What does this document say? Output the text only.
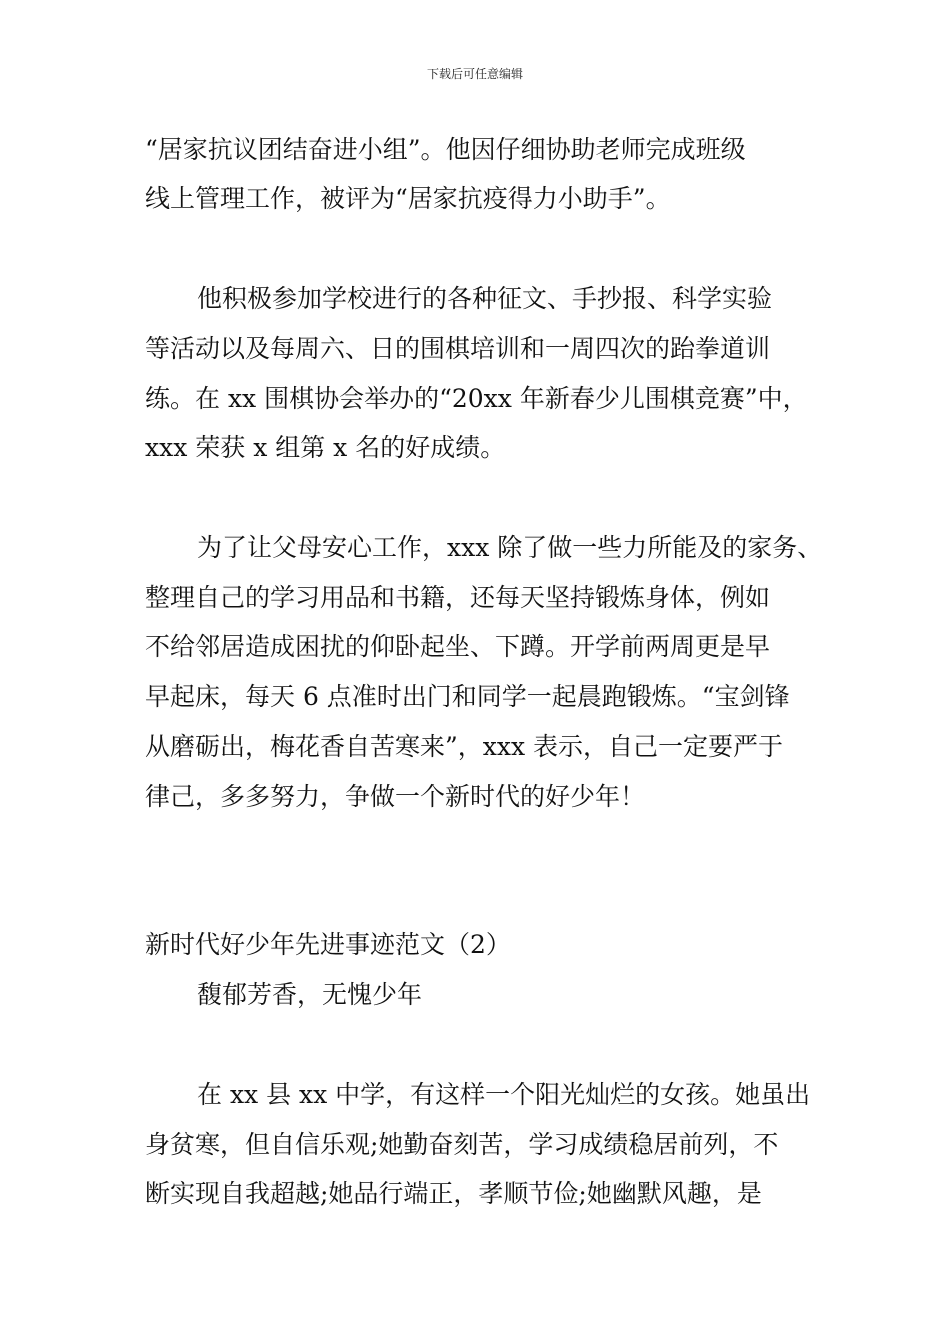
下载后可任意编辑
“居家抗议团结奋进小组”。他因仔细协助老师完成班级
线上管理工作，被评为“居家抗疫得力小助手”。
他积极参加学校进行的各种征文、手抄报、科学实验
等活动以及每周六、日的围棋培训和一周四次的跆拳道训
练。在 xx 围棋协会举办的“20xx 年新春少儿围棋竞赛”中，
xxx 荣获 x 组第 x 名的好成绩。
为了让父母安心工作，xxx 除了做一些力所能及的家务、
整理自己的学习用品和书籍，还每天坚持锻炼身体，例如
不给邻居造成困扰的仰卧起坐、下蹲。开学前两周更是早
早起床，每天 6 点准时出门和同学一起晨跑锻炼。“宝剑锋
从磨砺出，梅花香自苦寒来”，xxx 表示，自己一定要严于
律己，多多努力，争做一个新时代的好少年！
新时代好少年先进事迹范文（2）
馥郁芳香，无愧少年
在 xx 县 xx 中学，有这样一个阳光灿烂的女孩。她虽出
身贫寒，但自信乐观;她勤奋刻苦，学习成绩稳居前列，不
断实现自我超越;她品行端正，孝顺节俭;她幽默风趣，是
